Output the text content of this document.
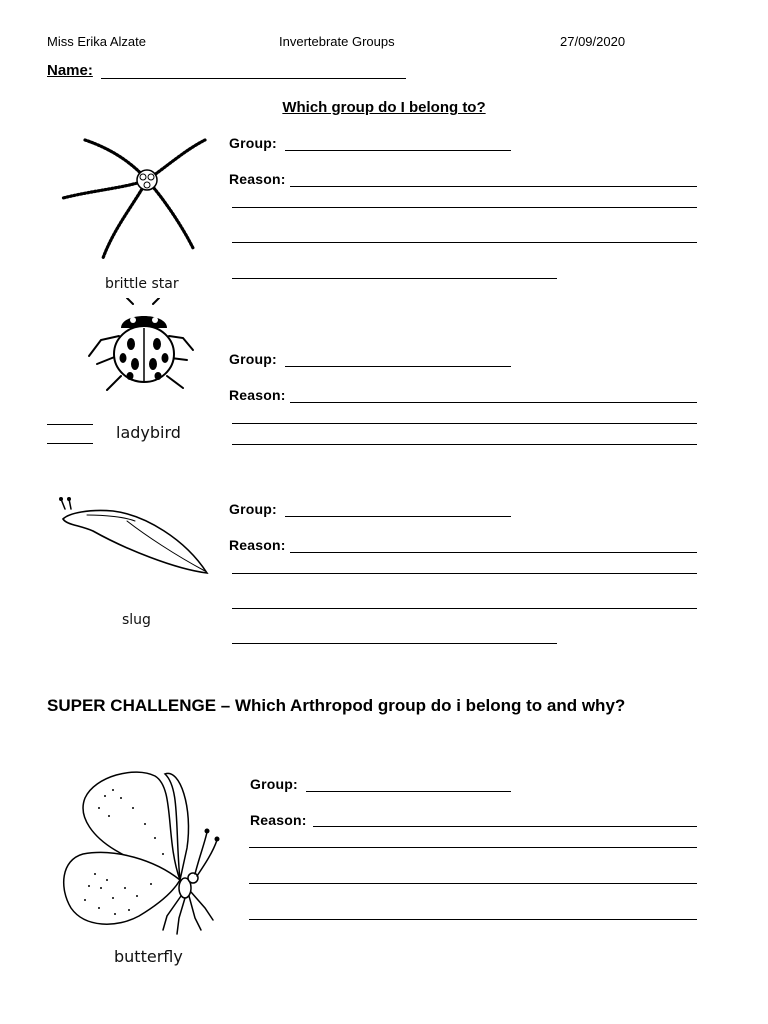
Miss Erika Alzate	Invertebrate Groups	27/09/2020
Name:
Which group do I belong to?
brittle star
Group:
Reason:
ladybird
Group:
Reason:
slug
Group:
Reason:
SUPER CHALLENGE – Which Arthropod group do i belong to and why?
butterfly
Group:
Reason:
